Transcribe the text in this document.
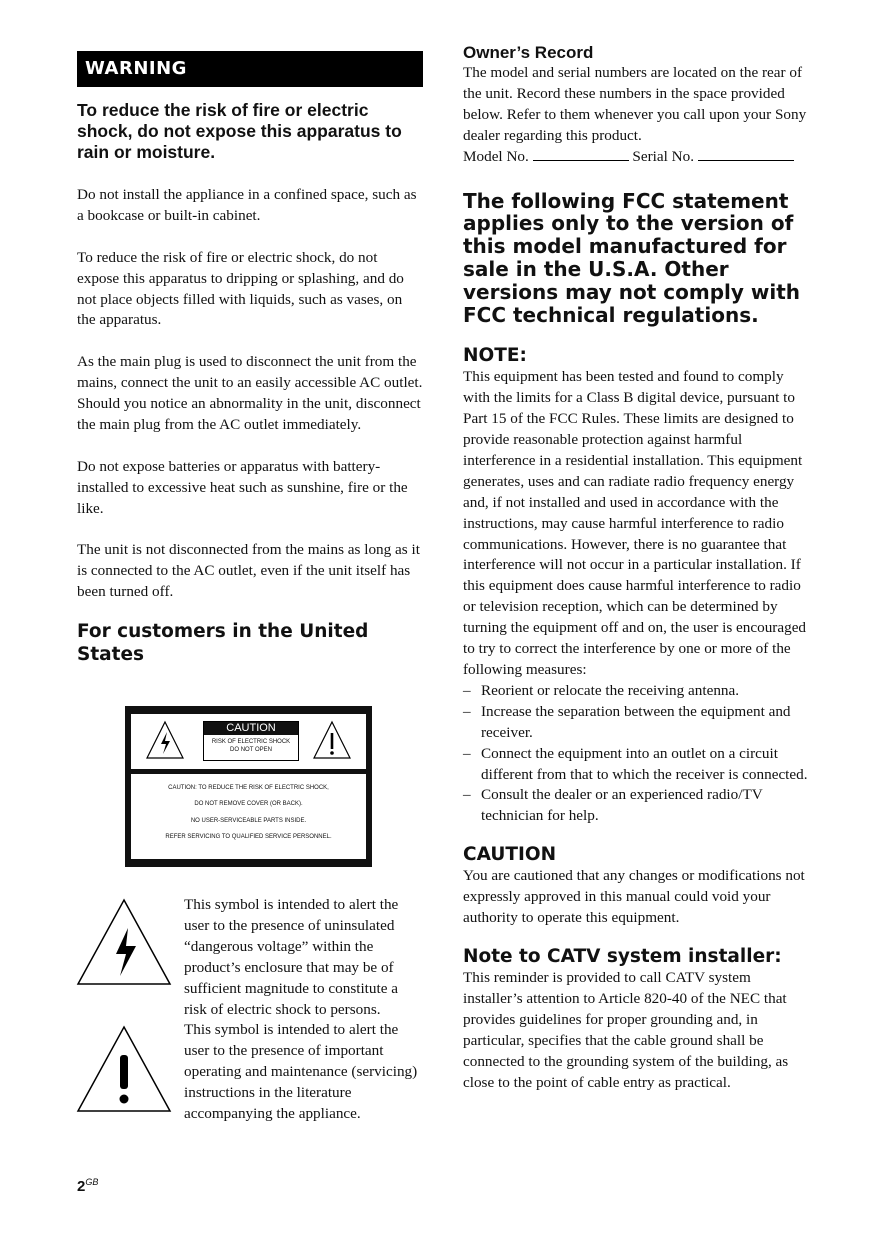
WARNING

To reduce the risk of fire or electric shock, do not expose this apparatus to rain or moisture.

Do not install the appliance in a confined space, such as a bookcase or built-in cabinet.

To reduce the risk of fire or electric shock, do not expose this apparatus to dripping or splashing, and do not place objects filled with liquids, such as vases, on the apparatus.

As the main plug is used to disconnect the unit from the mains, connect the unit to an easily accessible AC outlet. Should you notice an abnormality in the unit, disconnect the main plug from the AC outlet immediately.

Do not expose batteries or apparatus with battery-installed to excessive heat such as sunshine, fire or the like.

The unit is not disconnected from the mains as long as it is connected to the AC outlet, even if the unit itself has been turned off.

For customers in the United States

CAUTION
RISK OF ELECTRIC SHOCK
DO NOT OPEN
CAUTION: TO REDUCE THE RISK OF ELECTRIC SHOCK,
DO NOT REMOVE COVER (OR BACK).
NO USER-SERVICEABLE PARTS INSIDE.
REFER SERVICING TO QUALIFIED SERVICE PERSONNEL.

This symbol is intended to alert the user to the presence of uninsulated “dangerous voltage” within the product’s enclosure that may be of sufficient magnitude to constitute a risk of electric shock to persons.

This symbol is intended to alert the user to the presence of important operating and maintenance (servicing) instructions in the literature accompanying the appliance.

Owner’s Record

The model and serial numbers are located on the rear of the unit. Record these numbers in the space provided below. Refer to them whenever you call upon your Sony dealer regarding this product.

Model No.	Serial No.

The following FCC statement applies only to the version of this model manufactured for sale in the U.S.A. Other versions may not comply with FCC technical regulations.

NOTE:

This equipment has been tested and found to comply with the limits for a Class B digital device, pursuant to Part 15 of the FCC Rules. These limits are designed to provide reasonable protection against harmful interference in a residential installation. This equipment generates, uses and can radiate radio frequency energy and, if not installed and used in accordance with the instructions, may cause harmful interference to radio communications. However, there is no guarantee that interference will not occur in a particular installation. If this equipment does cause harmful interference to radio or television reception, which can be determined by turning the equipment off and on, the user is encouraged to try to correct the interference by one or more of the following measures:

– Reorient or relocate the receiving antenna.
– Increase the separation between the equipment and receiver.
– Connect the equipment into an outlet on a circuit different from that to which the receiver is connected.
– Consult the dealer or an experienced radio/TV technician for help.

CAUTION

You are cautioned that any changes or modifications not expressly approved in this manual could void your authority to operate this equipment.

Note to CATV system installer:

This reminder is provided to call CATV system installer’s attention to Article 820-40 of the NEC that provides guidelines for proper grounding and, in particular, specifies that the cable ground shall be connected to the grounding system of the building, as close to the point of cable entry as practical.

$2^{GB}$
